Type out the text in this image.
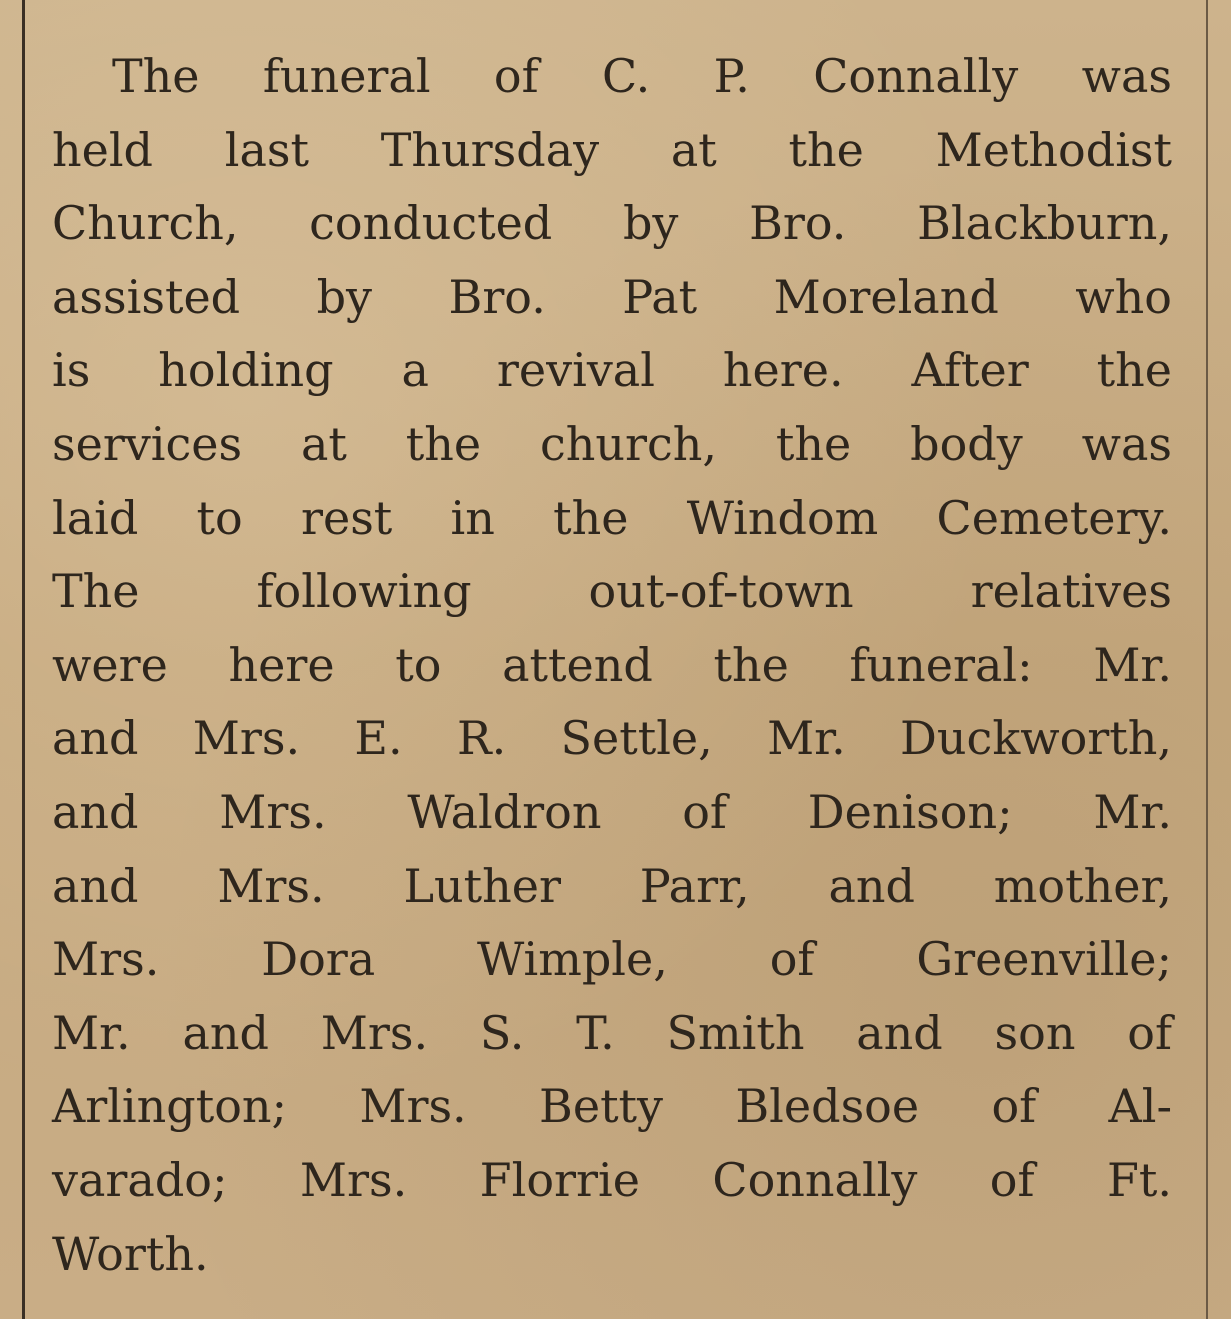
The funeral of C. P. Connally was
held last Thursday at the Methodist
Church, conducted by Bro. Blackburn,
assisted by Bro. Pat Moreland who
is holding a revival here. After the
services at the church, the body was
laid to rest in the Windom Cemetery.
The following out-of-town relatives
were here to attend the funeral: Mr.
and Mrs. E. R. Settle, Mr. Duckworth,
and Mrs. Waldron of Denison; Mr.
and Mrs. Luther Parr, and mother,
Mrs. Dora Wimple, of Greenville;
Mr. and Mrs. S. T. Smith and son of
Arlington; Mrs. Betty Bledsoe of Al-
varado; Mrs. Florrie Connally of Ft.
Worth.
